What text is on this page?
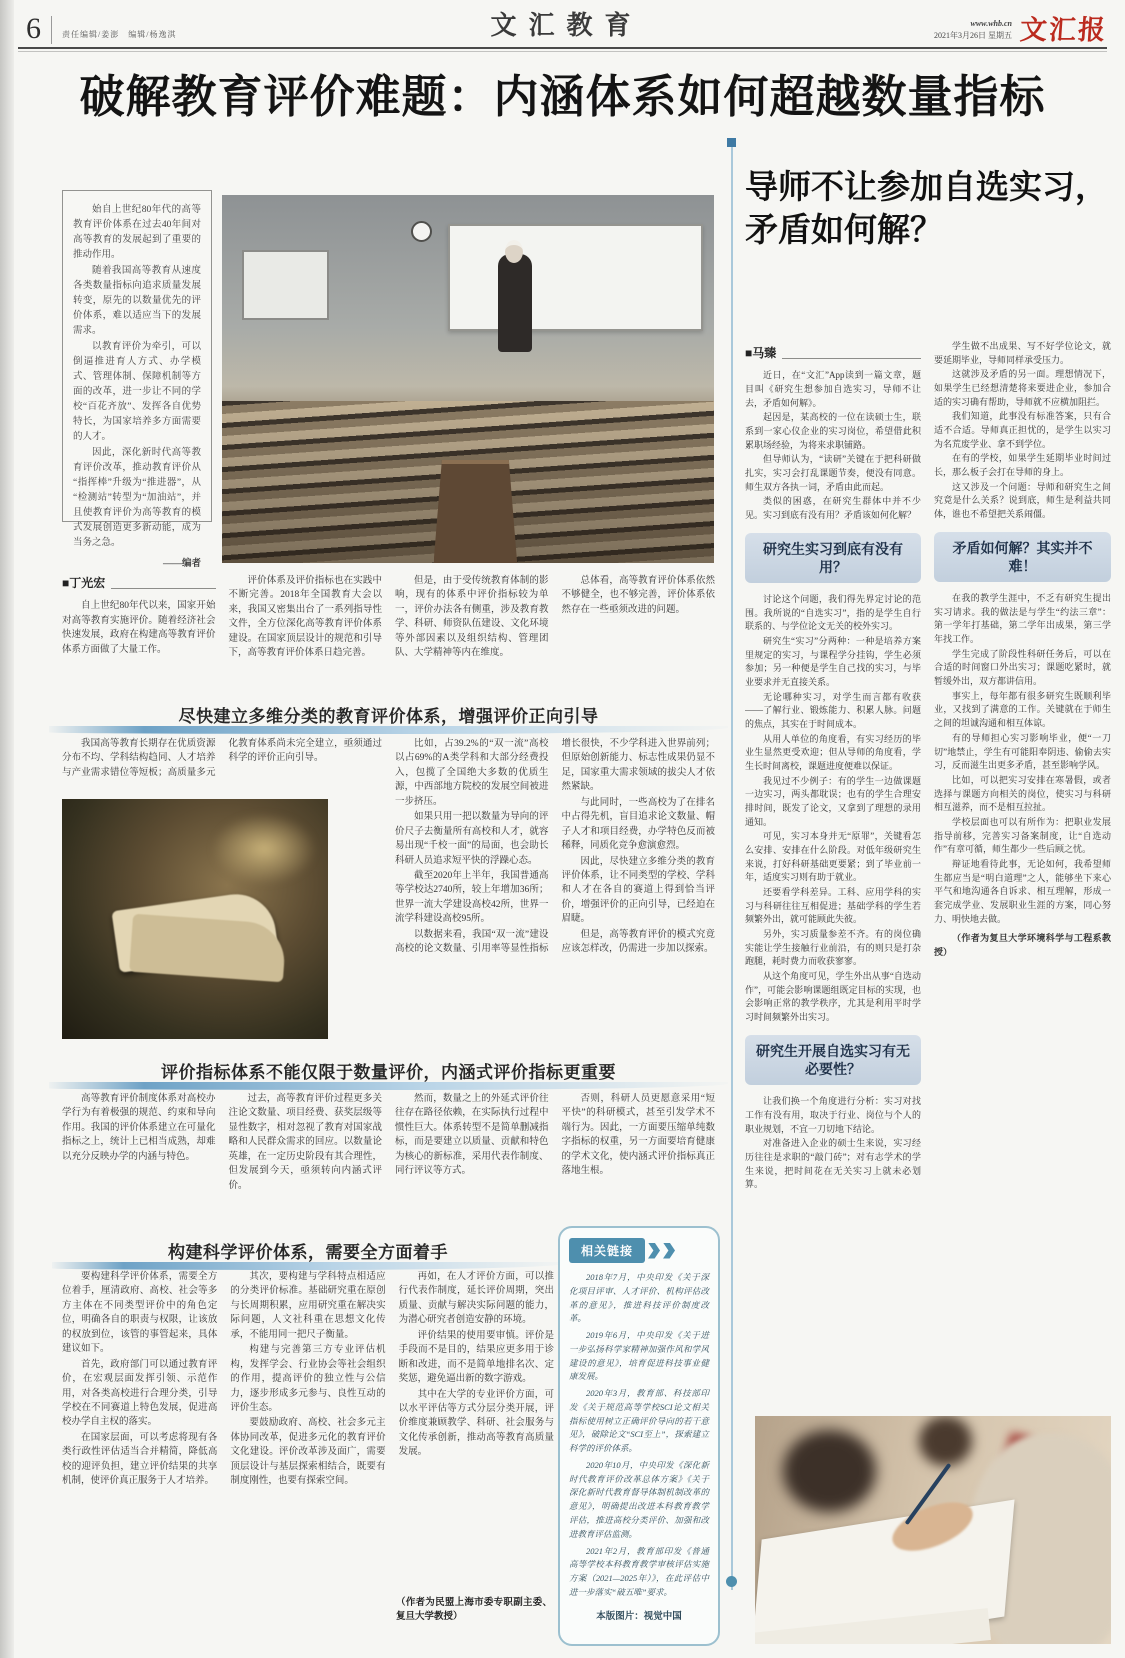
6	责任编辑/姜澎　编辑/杨逸淇	文汇教育	www.whb.cn
2021年3月26日 星期五 文汇报
破解教育评价难题：内涵体系如何超越数量指标

始自上世纪80年代的高等教育评价体系在过去40年间对高等教育的发展起到了重要的推动作用。

随着我国高等教育从速度各类数量指标向追求质量发展转变，原先的以数量优先的评价体系，难以适应当下的发展需求。

以教育评价为牵引，可以倒逼推进育人方式、办学模式、管理体制、保障机制等方面的改革，进一步让不同的学校“百花齐放”、发挥各自优势特长，为国家培养多方面需要的人才。

因此，深化新时代高等教育评价改革，推动教育评价从“指挥棒”升级为“推进器”，从“检测站”转型为“加油站”，并且使教育评价为高等教育的模式发展创造更多新动能，成为当务之急。

——编者
■丁光宏

自上世纪80年代以来，国家开始对高等教育实施评价。随着经济社会快速发展，政府在构建高等教育评价体系方面做了大量工作。

评价体系及评价指标也在实践中不断完善。2018年全国教育大会以来，我国又密集出台了一系列指导性文件，全方位深化高等教育评价体系建设。在国家顶层设计的规范和引导下，高等教育评价体系日趋完善。

但是，由于受传统教育体制的影响，现有的体系中评价指标较为单一，评价办法各有侧重，涉及教育教学、科研、师资队伍建设、文化环境等外部因素以及组织结构、管理团队、大学精神等内在维度。

总体看，高等教育评价体系依然不够健全，也不够完善，评价体系依然存在一些亟须改进的问题。

尽快建立多维分类的教育评价体系，增强评价正向引导

我国高等教育长期存在优质资源分布不均、学科结构趋同、人才培养与产业需求错位等短板；高质量多元化教育体系尚未完全建立，亟须通过科学的评价正向引导。

比如，占39.2%的“双一流”高校以占69%的A类学科和大部分经费投入，包揽了全国绝大多数的优质生源，中西部地方院校的发展空间被进一步挤压。

如果只用一把以数量为导向的评价尺子去衡量所有高校和人才，就容易出现“千校一面”的局面，也会助长科研人员追求短平快的浮躁心态。

截至2020年上半年，我国普通高等学校达2740所，较上年增加36所；世界一流大学建设高校42所，世界一流学科建设高校95所。

以数据来看，我国“双一流”建设高校的论文数量、引用率等显性指标增长很快，不少学科进入世界前列；但原始创新能力、标志性成果仍显不足，国家重大需求领域的拔尖人才依然紧缺。

与此同时，一些高校为了在排名中占得先机，盲目追求论文数量、帽子人才和项目经费，办学特色反而被稀释，同质化竞争愈演愈烈。

因此，尽快建立多维分类的教育评价体系，让不同类型的学校、学科和人才在各自的赛道上得到恰当评价，增强评价的正向引导，已经迫在眉睫。

但是，高等教育评价的模式究竟应该怎样改，仍需进一步加以探索。

评价指标体系不能仅限于数量评价，内涵式评价指标更重要

高等教育评价制度体系对高校办学行为有着极强的规范、约束和导向作用。我国的评价体系建立在可量化指标之上，统计上已相当成熟，却难以充分反映办学的内涵与特色。

过去，高等教育评价过程更多关注论文数量、项目经费、获奖层级等显性数字，相对忽视了教育对国家战略和人民群众需求的回应。以数量论英雄，在一定历史阶段有其合理性，但发展到今天，亟须转向内涵式评价。

然而，数量之上的外延式评价往往存在路径依赖，在实际执行过程中惯性巨大。体系转型不是简单删减指标，而是要建立以质量、贡献和特色为核心的新标准，采用代表作制度、同行评议等方式。

否则，科研人员更愿意采用“短平快”的科研模式，甚至引发学术不端行为。因此，一方面要压缩单纯数字指标的权重，另一方面要培育健康的学术文化，使内涵式评价指标真正落地生根。

构建科学评价体系，需要全方面着手

要构建科学评价体系，需要全方位着手，厘清政府、高校、社会等多方主体在不同类型评价中的角色定位，明确各自的职责与权限，让该放的权放到位，该管的事管起来，具体建议如下。

首先，政府部门可以通过教育评价，在宏观层面发挥引领、示范作用，对各类高校进行合理分类，引导学校在不同赛道上特色发展，促进高校办学自主权的落实。

在国家层面，可以考虑将现有各类行政性评估适当合并精简，降低高校的迎评负担，建立评价结果的共享机制，使评价真正服务于人才培养。

其次，要构建与学科特点相适应的分类评价标准。基础研究重在原创与长周期积累，应用研究重在解决实际问题，人文社科重在思想文化传承，不能用同一把尺子衡量。

构建与完善第三方专业评估机构，发挥学会、行业协会等社会组织的作用，提高评价的独立性与公信力，逐步形成多元参与、良性互动的评价生态。

要鼓励政府、高校、社会多元主体协同改革，促进多元化的教育评价文化建设。评价改革涉及面广，需要顶层设计与基层探索相结合，既要有制度刚性，也要有探索空间。

再如，在人才评价方面，可以推行代表作制度，延长评价周期，突出质量、贡献与解决实际问题的能力，为潜心研究者创造安静的环境。

评价结果的使用要审慎。评价是手段而不是目的，结果应更多用于诊断和改进，而不是简单地排名次、定奖惩，避免逼出新的数字游戏。

其中在大学的专业评价方面，可以水平评估等方式分层分类开展，评价维度兼顾教学、科研、社会服务与文化传承创新，推动高等教育高质量发展。

（作者为民盟上海市委专职副主委、复旦大学教授）
相关链接

2018年7月，中央印发《关于深化项目评审、人才评价、机构评估改革的意见》，推进科技评价制度改革。

2019年6月，中央印发《关于进一步弘扬科学家精神加强作风和学风建设的意见》，培育促进科技事业健康发展。

2020年3月，教育部、科技部印发《关于规范高等学校SCI论文相关指标使用树立正确评价导向的若干意见》，破除论文“SCI至上”，探索建立科学的评价体系。

2020年10月，中央印发《深化新时代教育评价改革总体方案》《关于深化新时代教育督导体制机制改革的意见》，明确提出改进本科教育教学评估，推进高校分类评价、加强和改进教育评估监测。

2021年2月，教育部印发《普通高等学校本科教育教学审核评估实施方案（2021—2025年）》，在此评估中进一步落实“破五唯”要求。

本版图片：视觉中国
导师不让参加自选实习，矛盾如何解？
■马臻

近日，在“文汇”App读到一篇文章，题目叫《研究生想参加自选实习，导师不让去，矛盾如何解》。

起因是，某高校的一位在读硕士生，联系到一家心仪企业的实习岗位，希望借此积累职场经验，为将来求职铺路。

但导师认为，“读研”关键在于把科研做扎实，实习会打乱课题节奏，便没有同意。师生双方各执一词，矛盾由此而起。

类似的困惑，在研究生群体中并不少见。实习到底有没有用？矛盾该如何化解？

研究生实习到底有没有用？

讨论这个问题，我们得先界定讨论的范围。我所说的“自选实习”，指的是学生自行联系的、与学位论文无关的校外实习。

研究生“实习”分两种：一种是培养方案里规定的实习，与课程学分挂钩，学生必须参加；另一种便是学生自己找的实习，与毕业要求并无直接关系。

无论哪种实习，对学生而言都有收获——了解行业、锻炼能力、积累人脉。问题的焦点，其实在于时间成本。

从用人单位的角度看，有实习经历的毕业生显然更受欢迎；但从导师的角度看，学生长时间离校，课题进度便难以保证。

我见过不少例子：有的学生一边做课题一边实习，两头都耽误；也有的学生合理安排时间，既发了论文，又拿到了理想的录用通知。

可见，实习本身并无“原罪”，关键看怎么安排、安排在什么阶段。对低年级研究生来说，打好科研基础更要紧；到了毕业前一年，适度实习则有助于就业。

还要看学科差异。工科、应用学科的实习与科研往往互相促进；基础学科的学生若频繁外出，就可能顾此失彼。

另外，实习质量参差不齐。有的岗位确实能让学生接触行业前沿，有的则只是打杂跑腿，耗时费力而收获寥寥。

从这个角度可见，学生外出从事“自选动作”，可能会影响课题组既定目标的实现，也会影响正常的教学秩序，尤其是利用平时学习时间频繁外出实习。

研究生开展自选实习有无必要性？

让我们换一个角度进行分析：实习对找工作有没有用，取决于行业、岗位与个人的职业规划，不宜一刀切地下结论。

对准备进入企业的硕士生来说，实习经历往往是求职的“敲门砖”；对有志学术的学生来说，把时间花在无关实习上就未必划算。

学生做不出成果、写不好学位论文，就要延期毕业，导师同样承受压力。

这就涉及矛盾的另一面。理想情况下，如果学生已经想清楚将来要进企业，参加合适的实习确有帮助，导师就不应横加阻拦。

我们知道，此事没有标准答案，只有合适不合适。导师真正担忧的，是学生以实习为名荒废学业、拿不到学位。

在有的学校，如果学生延期毕业时间过长，那么板子会打在导师的身上。

这又涉及一个问题：导师和研究生之间究竟是什么关系？说到底，师生是利益共同体，谁也不希望把关系闹僵。

矛盾如何解？其实并不难！

在我的教学生涯中，不乏有研究生提出实习请求。我的做法是与学生“约法三章”：第一学年打基础，第二学年出成果，第三学年找工作。

学生完成了阶段性科研任务后，可以在合适的时间窗口外出实习；课题吃紧时，就暂缓外出，双方都讲信用。

事实上，每年都有很多研究生既顺利毕业，又找到了满意的工作。关键就在于师生之间的坦诚沟通和相互体谅。

有的导师担心实习影响毕业，便“一刀切”地禁止，学生有可能阳奉阴违、偷偷去实习，反而滋生出更多矛盾，甚至影响学风。

比如，可以把实习安排在寒暑假，或者选择与课题方向相关的岗位，使实习与科研相互滋养，而不是相互拉扯。

学校层面也可以有所作为：把职业发展指导前移，完善实习备案制度，让“自选动作”有章可循，师生都少一些后顾之忧。

辩证地看待此事，无论如何，我希望师生都应当是“明白道理”之人，能够坐下来心平气和地沟通各自诉求、相互理解，形成一套完成学业、发展职业生涯的方案，同心努力、明快地去做。

（作者为复旦大学环境科学与工程系教授）
